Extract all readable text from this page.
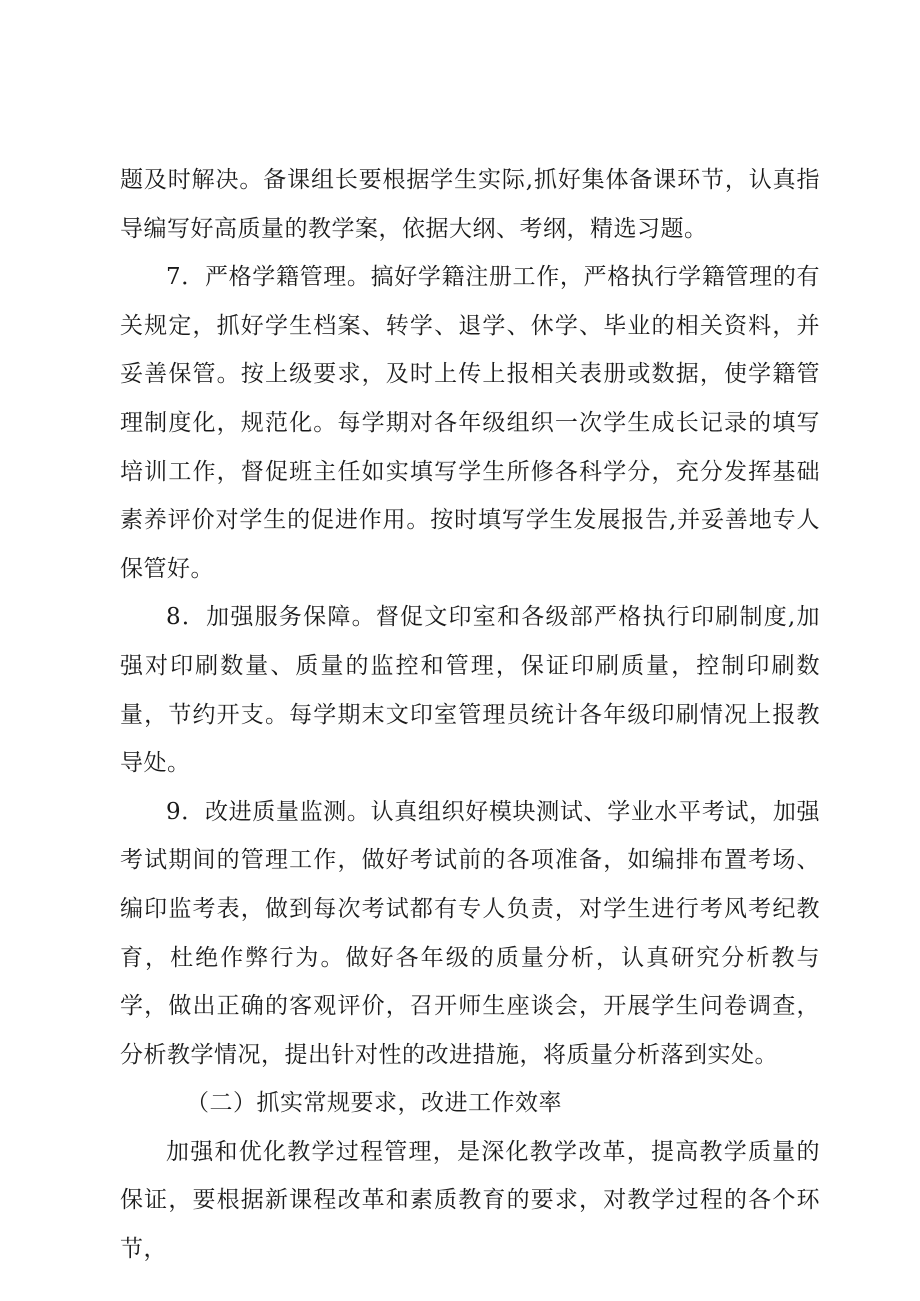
题及时解决。备课组长要根据学生实际,抓好集体备课环节，认真指导编写好高质量的教学案，依据大纲、考纲，精选习题。

7．严格学籍管理。搞好学籍注册工作，严格执行学籍管理的有关规定，抓好学生档案、转学、退学、休学、毕业的相关资料，并妥善保管。按上级要求，及时上传上报相关表册或数据，使学籍管理制度化，规范化。每学期对各年级组织一次学生成长记录的填写培训工作，督促班主任如实填写学生所修各科学分，充分发挥基础素养评价对学生的促进作用。按时填写学生发展报告,并妥善地专人保管好。

8．加强服务保障。督促文印室和各级部严格执行印刷制度,加强对印刷数量、质量的监控和管理，保证印刷质量，控制印刷数量，节约开支。每学期末文印室管理员统计各年级印刷情况上报教导处。

9．改进质量监测。认真组织好模块测试、学业水平考试，加强考试期间的管理工作，做好考试前的各项准备，如编排布置考场、编印监考表，做到每次考试都有专人负责，对学生进行考风考纪教育，杜绝作弊行为。做好各年级的质量分析，认真研究分析教与学，做出正确的客观评价，召开师生座谈会，开展学生问卷调查，分析教学情况，提出针对性的改进措施，将质量分析落到实处。

（二）抓实常规要求，改进工作效率

加强和优化教学过程管理，是深化教学改革，提高教学质量的保证，要根据新课程改革和素质教育的要求，对教学过程的各个环节，
